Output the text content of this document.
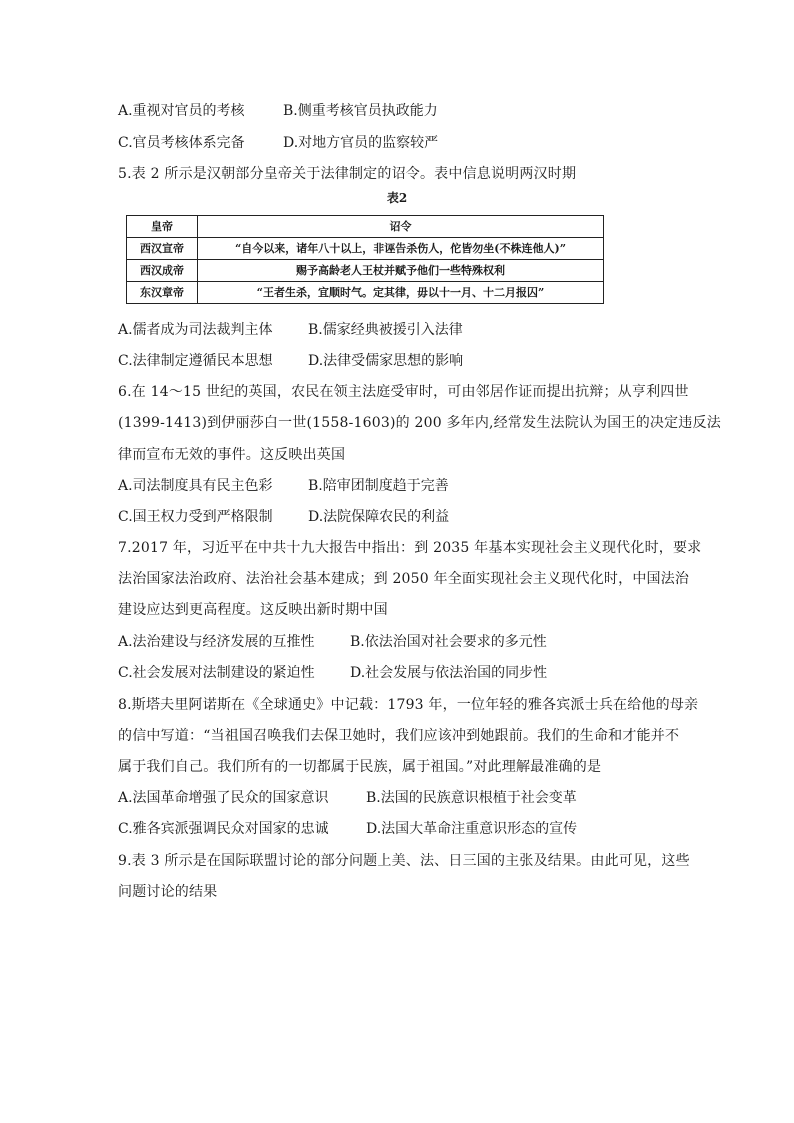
A.重视对官员的考核	B.侧重考核官员执政能力
C.官员考核体系完备	D.对地方官员的监察较严
5.表 2 所示是汉朝部分皇帝关于法律制定的诏令。表中信息说明两汉时期
表2
皇帝	诏令
西汉宣帝	“自今以来，诸年八十以上，非诬告杀伤人，佗皆勿坐(不株连他人)”
西汉成帝	赐予高龄老人王杖并赋予他们一些特殊权利
东汉章帝	“王者生杀，宜顺时气。定其律，毋以十一月、十二月报囚”
A.儒者成为司法裁判主体	B.儒家经典被援引入法律
C.法律制定遵循民本思想	D.法律受儒家思想的影响
6.在 14～15 世纪的英国，农民在领主法庭受审时，可由邻居作证而提出抗辩；从亨利四世
(1399-1413)到伊丽莎白一世(1558-1603)的 200 多年内,经常发生法院认为国王的决定违反法
律而宣布无效的事件。这反映出英国
A.司法制度具有民主色彩	B.陪审团制度趋于完善
C.国王权力受到严格限制	D.法院保障农民的利益
7.2017 年，习近平在中共十九大报告中指出：到 2035 年基本实现社会主义现代化时，要求
法治国家法治政府、法治社会基本建成；到 2050 年全面实现社会主义现代化时，中国法治
建设应达到更高程度。这反映出新时期中国
A.法治建设与经济发展的互推性	B.依法治国对社会要求的多元性
C.社会发展对法制建设的紧迫性	D.社会发展与依法治国的同步性
8.斯塔夫里阿诺斯在《全球通史》中记载：1793 年，一位年轻的雅各宾派士兵在给他的母亲
的信中写道：“当祖国召唤我们去保卫她时，我们应该冲到她跟前。我们的生命和才能并不
属于我们自己。我们所有的一切都属于民族，属于祖国。”对此理解最准确的是
A.法国革命增强了民众的国家意识	B.法国的民族意识根植于社会变革
C.雅各宾派强调民众对国家的忠诚	D.法国大革命注重意识形态的宣传
9.表 3 所示是在国际联盟讨论的部分问题上美、法、日三国的主张及结果。由此可见，这些
问题讨论的结果
